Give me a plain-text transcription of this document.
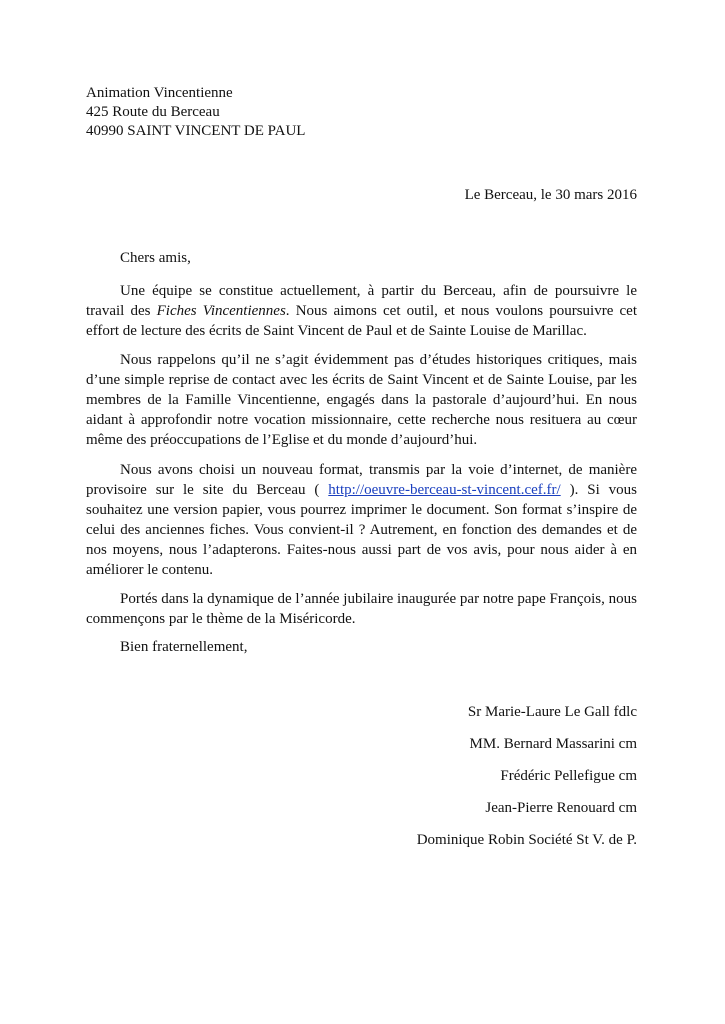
Animation Vincentienne
425 Route du Berceau
40990 SAINT VINCENT DE PAUL
Le Berceau, le 30 mars 2016
Chers amis,
Une équipe se constitue actuellement, à partir du Berceau, afin de poursuivre le travail des Fiches Vincentiennes. Nous aimons cet outil, et nous voulons poursuivre cet effort de lecture des écrits de Saint Vincent de Paul et de Sainte Louise de Marillac.
Nous rappelons qu’il ne s’agit évidemment pas d’études historiques critiques, mais d’une simple reprise de contact avec les écrits de Saint Vincent et de Sainte Louise, par les membres de la Famille Vincentienne, engagés dans la pastorale d’aujourd’hui. En nous aidant à approfondir notre vocation missionnaire, cette recherche nous resituera au cœur même des préoccupations de l’Eglise et du monde d’aujourd’hui.
Nous avons choisi un nouveau format, transmis par la voie d’internet, de manière provisoire sur le site du Berceau ( http://oeuvre-berceau-st-vincent.cef.fr/ ). Si vous souhaitez une version papier, vous pourrez imprimer le document. Son format s’inspire de celui des anciennes fiches. Vous convient-il ? Autrement, en fonction des demandes et de nos moyens, nous l’adapterons. Faites-nous aussi part de vos avis, pour nous aider à en améliorer le contenu.
Portés dans la dynamique de l’année jubilaire inaugurée par notre pape François, nous commençons par le thème de la Miséricorde.
Bien fraternellement,
Sr Marie-Laure Le Gall fdlc
MM. Bernard Massarini cm
Frédéric Pellefigue cm
Jean-Pierre Renouard cm
Dominique Robin Société St V. de P.
